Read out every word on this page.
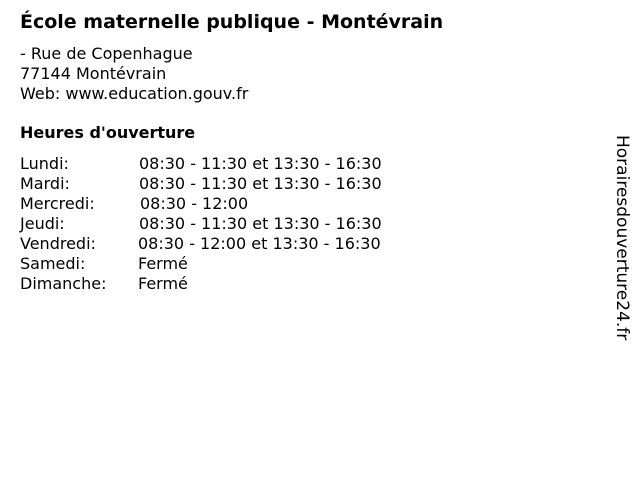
École maternelle publique - Montévrain
- Rue de Copenhague
77144 Montévrain
Web: www.education.gouv.fr
Heures d'ouverture
Lundi:	08:30 - 11:30 et 13:30 - 16:30
Mardi:	08:30 - 11:30 et 13:30 - 16:30
Mercredi:	08:30 - 12:00
Jeudi:	08:30 - 11:30 et 13:30 - 16:30
Vendredi:	08:30 - 12:00 et 13:30 - 16:30
Samedi:	Fermé
Dimanche: Fermé	Horairesdouverture24.fr
